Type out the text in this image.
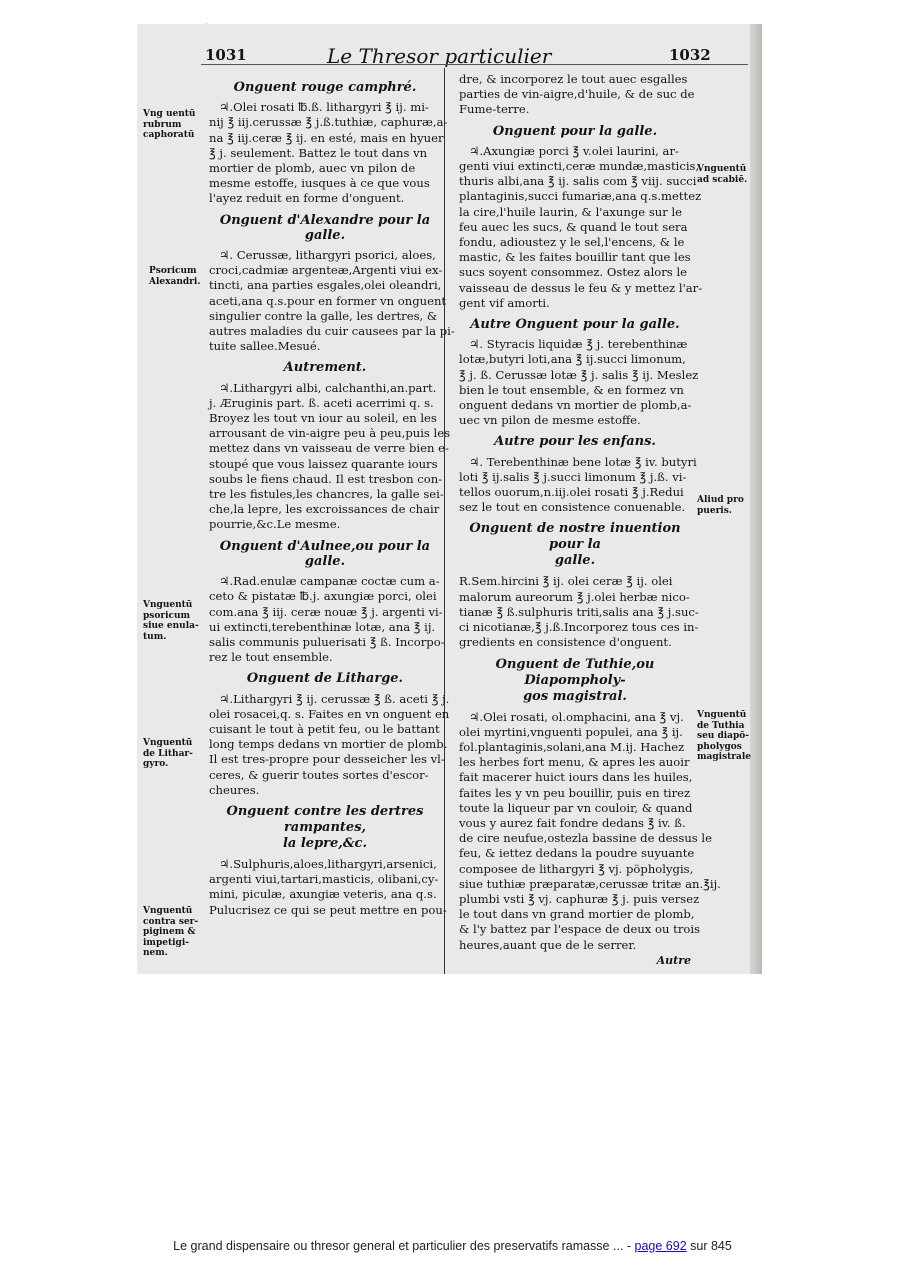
1031	Le Thresor particulier	1032

Onguent rouge camphré.

♃.Olei rosati ℔.ß. lithargyri ℥ ij. mi-

nij ℥ iij.cerussæ ℥ j.ß.tuthiæ, caphuræ,a-

na ℥ iij.ceræ ℥ ij. en esté, mais en hyuer

℥ j. seulement. Battez le tout dans vn

mortier de plomb, auec vn pilon de

mesme estoffe, iusques à ce que vous

l'ayez reduit en forme d'onguent.

Onguent d'Alexandre pour la galle.

♃. Cerussæ, lithargyri psorici, aloes,

croci,cadmiæ argenteæ,Argenti viui ex-

tincti, ana parties esgales,olei oleandri,

aceti,ana q.s.pour en former vn onguent

singulier contre la galle, les dertres, &

autres maladies du cuir causees par la pi-

tuite sallee.Mesué.

Autrement.

♃.Lithargyri albi, calchanthi,an.part.

j. Æruginis part. ß. aceti acerrimi q. s.

Broyez les tout vn iour au soleil, en les

arrousant de vin-aigre peu à peu,puis les

mettez dans vn vaisseau de verre bien e-

stoupé que vous laissez quarante iours

soubs le fiens chaud. Il est tresbon con-

tre les fistules,les chancres, la galle sei-

che,la lepre, les excroissances de chair

pourrie,&c.Le mesme.

Onguent d'Aulnee,ou pour la galle.

♃.Rad.enulæ campanæ coctæ cum a-

ceto & pistatæ ℔.j. axungiæ porci, olei

com.ana ℥ iij. ceræ nouæ ℥ j. argenti vi-

ui extincti,terebenthinæ lotæ, ana ℥ ij.

salis communis puluerisati ℥ ß. Incorpo-

rez le tout ensemble.

Onguent de Litharge.

♃.Lithargyri ℥ ij. cerussæ ℥ ß. aceti ℥ j.

olei rosacei,q. s. Faites en vn onguent en

cuisant le tout à petit feu, ou le battant

long temps dedans vn mortier de plomb.

Il est tres-propre pour desseicher les vl-

ceres, & guerir toutes sortes d'escor-

cheures.

Onguent contre les dertres rampantes,

la lepre,&c.

♃.Sulphuris,aloes,lithargyri,arsenici,

argenti viui,tartari,masticis, olibani,cy-

mini, piculæ, axungiæ veteris, ana q.s.

Pulucrisez ce qui se peut mettre en pou-

dre, & incorporez le tout auec esgalles

parties de vin-aigre,d'huile, & de suc de

Fume-terre.

Onguent pour la galle.

♃.Axungiæ porci ℥ v.olei laurini, ar-

genti viui extincti,ceræ mundæ,masticis,

thuris albi,ana ℥ ij. salis com ℥ viij. succi

plantaginis,succi fumariæ,ana q.s.mettez

la cire,l'huile laurin, & l'axunge sur le

feu auec les sucs, & quand le tout sera

fondu, adioustez y le sel,l'encens, & le

mastic, & les faites bouillir tant que les

sucs soyent consommez. Ostez alors le

vaisseau de dessus le feu & y mettez l'ar-

gent vif amorti.

Autre Onguent pour la galle.

♃. Styracis liquidæ ℥ j. terebenthinæ

lotæ,butyri loti,ana ℥ ij.succi limonum,

℥ j. ß. Cerussæ lotæ ℥ j. salis ℥ ij. Meslez

bien le tout ensemble, & en formez vn

onguent dedans vn mortier de plomb,a-

uec vn pilon de mesme estoffe.

Autre pour les enfans.

♃. Terebenthinæ bene lotæ ℥ iv. butyri

loti ℥ ij.salis ℥ j.succi limonum ℥ j.ß. vi-

tellos ouorum,n.iij.olei rosati ℥ j.Redui

sez le tout en consistence conuenable.

Onguent de nostre inuention pour la

galle.

R.Sem.hircini ℥ ij. olei ceræ ℥ ij. olei

malorum aureorum ℥ j.olei herbæ nico-

tianæ ℥ ß.sulphuris triti,salis ana ℥ j.suc-

ci nicotianæ,℥ j.ß.Incorporez tous ces in-

gredients en consistence d'onguent.

Onguent de Tuthie,ou Diapompholy-

gos magistral.

♃.Olei rosati, ol.omphacini, ana ℥ vj.

olei myrtini,vnguenti populei, ana ℥ ij.

fol.plantaginis,solani,ana M.ij. Hachez

les herbes fort menu, & apres les auoir

fait macerer huict iours dans les huiles,

faites les y vn peu bouillir, puis en tirez

toute la liqueur par vn couloir, & quand

vous y aurez fait fondre dedans ℥ iv. ß.

de cire neufue,ostezla bassine de dessus le

feu, & iettez dedans la poudre suyuante

composee de lithargyri ℥ vj. pöpholygis,

siue tuthiæ præparatæ,cerussæ tritæ an.℥ij.

plumbi vsti ℥ vj. caphuræ ℥ j. puis versez

le tout dans vn grand mortier de plomb,

& l'y battez par l'espace de deux ou trois

heures,auant que de le serrer.

Autre

Vng uentū
rubrum
caphoratū
Psoricum
Alexandri.
Vnguentū
psoricum
siue enula-
tum.
Vnguentū
de Lithar-
gyro.
Vnguentū
contra ser-
piginem &
impetigi-
nem.
Vnguentū
ad scabiē.
Aliud pro
pueris.
Vnguentū
de Tuthia
seu diapō-
pholygos
magistrale
Le grand dispensaire ou thresor general et particulier des preservatifs ramasse ... - page 692 sur 845
